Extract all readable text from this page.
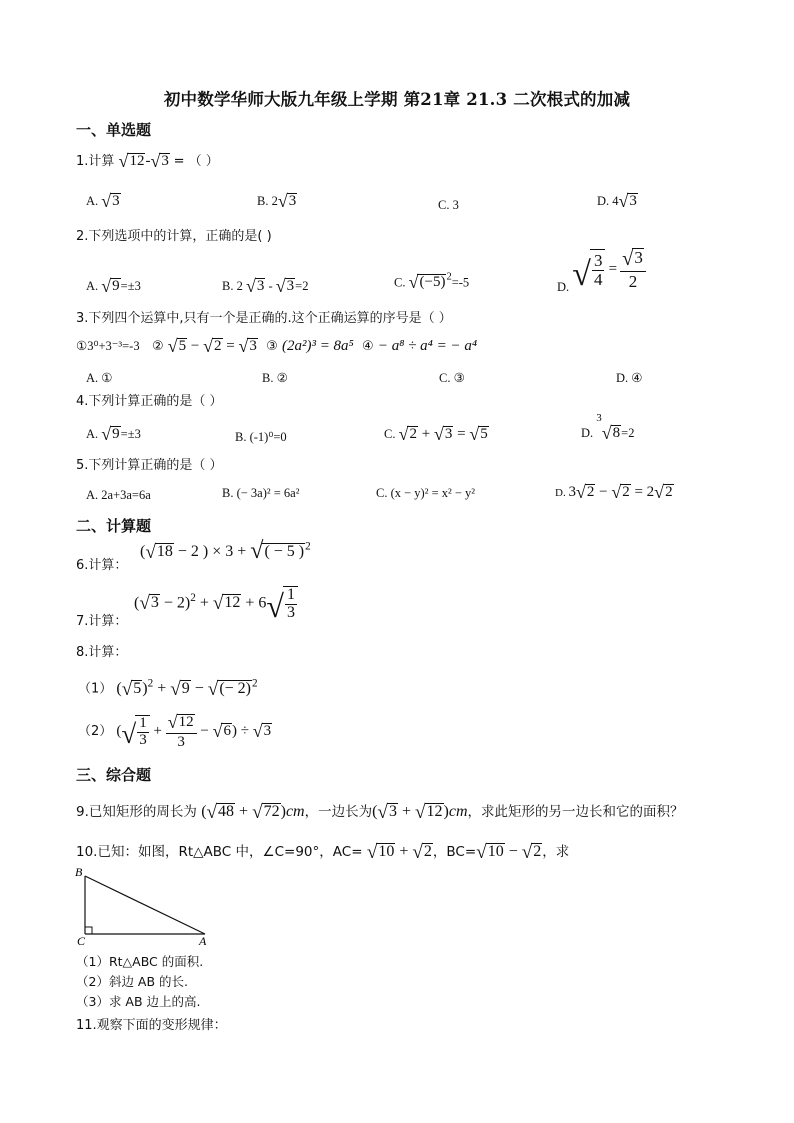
初中数学华师大版九年级上学期 第21章 21.3 二次根式的加减
一、单选题
1.计算 √12-√3 = （ ）
A. √3	B. 2√3	C. 3	D. 4√3
2.下列选项中的计算，正确的是( )
A. √9=±3	B. 2 √3 - √3=2	C. $√(-5)^2=-5$	D. √ $\frac{3}{4} = \frac{√3}{2}$
3.下列四个运算中,只有一个是正确的.这个正确运算的序号是（ ）
①3⁰+3⁻³=-3 ② √5 − √2 = √3 ③ (2a²)³ = 8a⁵ ④ − a⁸ ÷ a⁴ = − a⁴
A. ①	B. ②	C. ③	D. ④
4.下列计算正确的是（ ）
A. √9=±3	B. (-1)⁰=0	C. √2 + √3 = √5	D. 3√8=2
5.下列计算正确的是（ ）
A. 2a+3a=6a	B. (− 3a)² = 6a²	C. (x − y)² = x² − y²	D. 3√2 − √2 = 2√2
二、计算题
6.计算：
(√18 − 2 ) × 3 + √( − 5 )$^2$
7.计算：
$(√3 - 2)^2 + √12 + 6√ \frac{1}{3}$
8.计算：
（1） $(√5)^2 + √9$ − √(− 2)$^2$
（2） (√ $\frac{1}{3} + \frac{√12}{3} - √6) \div √3$
三、综合题
9.已知矩形的周长为 (√48 + √72)cm，一边长为(√3 + √12)cm，求此矩形的另一边长和它的面积？
10.已知：如图，Rt△ABC 中，∠C=90°，AC= √10 + √2，BC=√10 − √2，求
B
C	A
（1）Rt△ABC 的面积.
（2）斜边 AB 的长.
（3）求 AB 边上的高.
11.观察下面的变形规律：
